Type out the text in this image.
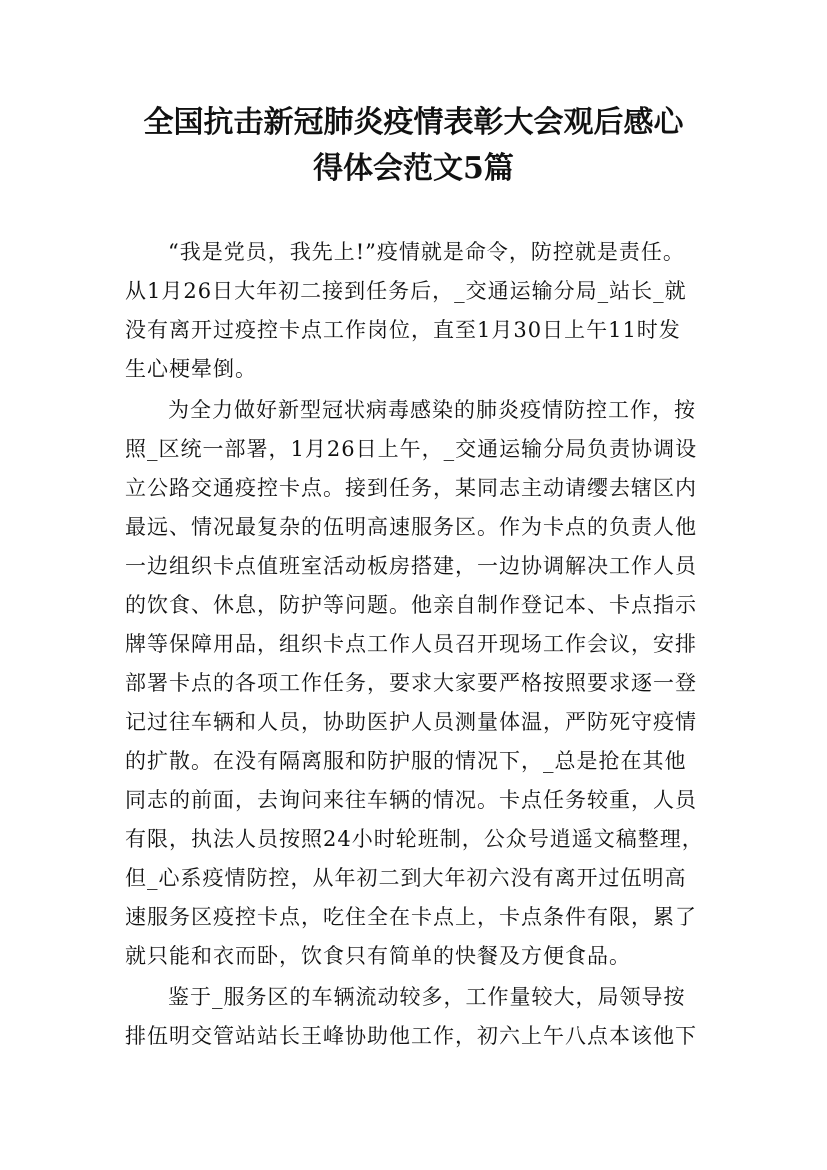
全国抗击新冠肺炎疫情表彰大会观后感心
得体会范文5篇

“我是党员，我先上!”疫情就是命令，防控就是责任。
从1月26日大年初二接到任务后，_交通运输分局_站长_就
没有离开过疫控卡点工作岗位，直至1月30日上午11时发
生心梗晕倒。

为全力做好新型冠状病毒感染的肺炎疫情防控工作，按
照_区统一部署，1月26日上午，_交通运输分局负责协调设
立公路交通疫控卡点。接到任务，某同志主动请缨去辖区内
最远、情况最复杂的伍明高速服务区。作为卡点的负责人他
一边组织卡点值班室活动板房搭建，一边协调解决工作人员
的饮食、休息，防护等问题。他亲自制作登记本、卡点指示
牌等保障用品，组织卡点工作人员召开现场工作会议，安排
部署卡点的各项工作任务，要求大家要严格按照要求逐一登
记过往车辆和人员，协助医护人员测量体温，严防死守疫情
的扩散。在没有隔离服和防护服的情况下，_总是抢在其他
同志的前面，去询问来往车辆的情况。卡点任务较重，人员
有限，执法人员按照24小时轮班制，公众号逍遥文稿整理，
但_心系疫情防控，从年初二到大年初六没有离开过伍明高
速服务区疫控卡点，吃住全在卡点上，卡点条件有限，累了
就只能和衣而卧，饮食只有简单的快餐及方便食品。

鉴于_服务区的车辆流动较多，工作量较大，局领导按
排伍明交管站站长王峰协助他工作，初六上午八点本该他下
